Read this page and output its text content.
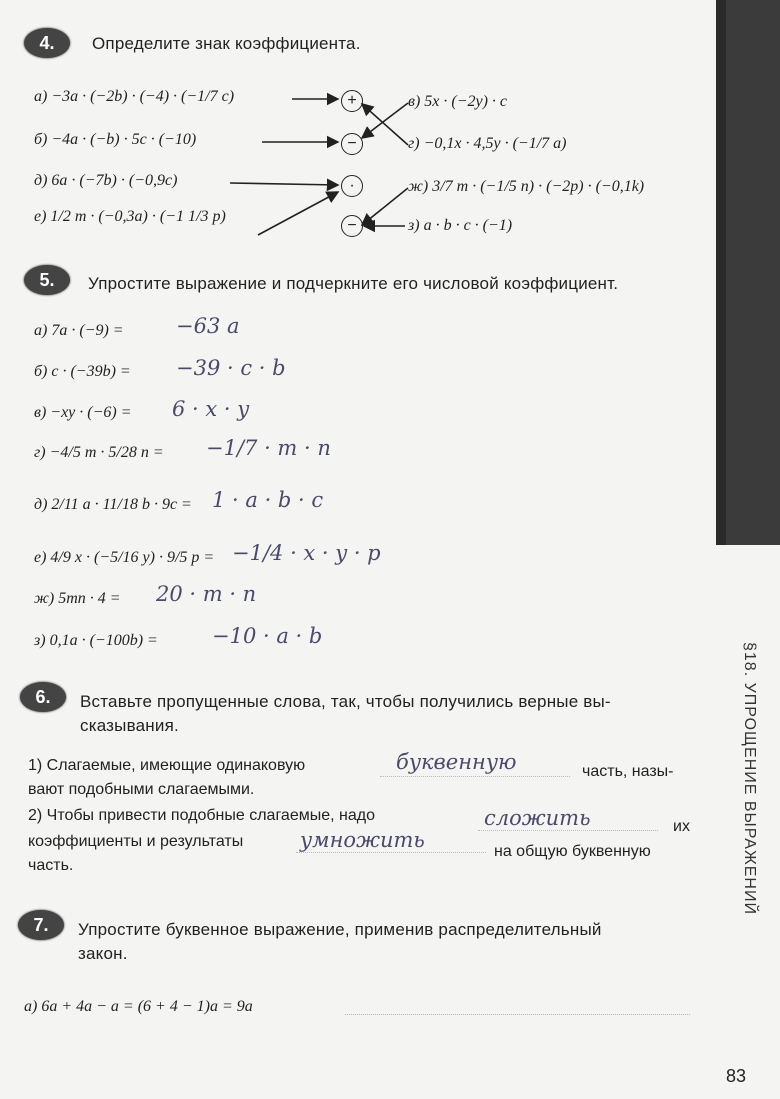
§18. УПРОЩЕНИЕ ВЫРАЖЕНИЙ
4.	Определите знак коэффициента.
а) −3a · (−2b) · (−4) · (−1/7 c)
б) −4a · (−b) · 5c · (−10)
д) 6a · (−7b) · (−0,9c)
е) 1/2 m · (−0,3a) · (−1 1/3 p)
+
−
·
−
в) 5x · (−2y) · c
г) −0,1x · 4,5y · (−1/7 a)
ж) 3/7 m · (−1/5 n) · (−2p) · (−0,1k)
з) a · b · c · (−1)
5.	Упростите выражение и подчеркните его числовой коэффициент.
а) 7a · (−9) = −63 a
б) c · (−39b) = −39 · c · b
в) −xy · (−6) = 6 · x · y
г) −4/5 m · 5/28 n = −1/7 · m · n
д) 2/11 a · 11/18 b · 9c = 1 · a · b · c
е) 4/9 x · (−5/16 y) · 9/5 p = −1/4 · x · y · p
ж) 5mn · 4 = 20 · m · n
з) 0,1a · (−100b) =	−10 · a · b
6.	Вставьте пропущенные слова, так, чтобы получились верные вы-
сказывания.
1) Слагаемые, имеющие одинаковую	буквенную	часть, назы-
вают подобными слагаемыми.
2) Чтобы привести подобные слагаемые, надо	сложить	их
коэффициенты и результаты	умножить	на общую буквенную
часть.
7.	Упростите буквенное выражение, применив распределительный
закон.
а) 6a + 4a − a = (6 + 4 − 1)a = 9a
83
